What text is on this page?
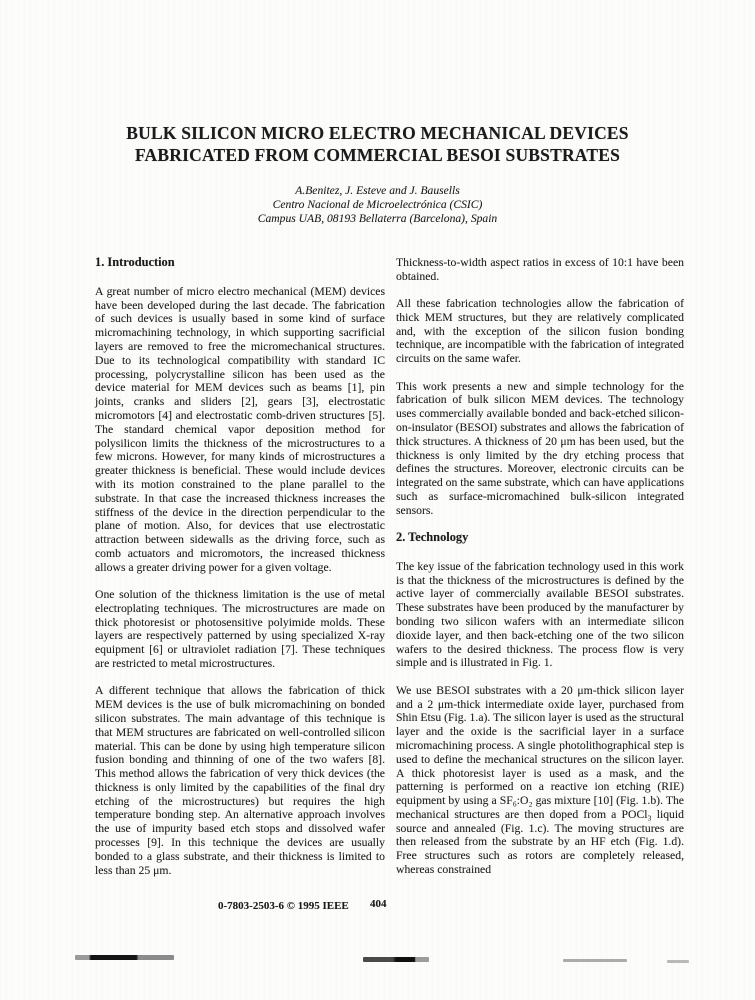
BULK SILICON MICRO ELECTRO MECHANICAL DEVICES
FABRICATED FROM COMMERCIAL BESOI SUBSTRATES
A.Benitez, J. Esteve and J. Bausells
Centro Nacional de Microelectrónica (CSIC)
Campus UAB, 08193 Bellaterra (Barcelona), Spain
1. Introduction

A great number of micro electro mechanical (MEM) devices have been developed during the last decade. The fabrication of such devices is usually based in some kind of surface micromachining technology, in which supporting sacrificial layers are removed to free the micromechanical structures. Due to its technological compatibility with standard IC processing, polycrystalline silicon has been used as the device material for MEM devices such as beams [1], pin joints, cranks and sliders [2], gears [3], electrostatic micromotors [4] and electrostatic comb-driven structures [5]. The standard chemical vapor deposition method for polysilicon limits the thickness of the microstructures to a few microns. However, for many kinds of microstructures a greater thickness is beneficial. These would include devices with its motion constrained to the plane parallel to the substrate. In that case the increased thickness increases the stiffness of the device in the direction perpendicular to the plane of motion. Also, for devices that use electrostatic attraction between sidewalls as the driving force, such as comb actuators and micromotors, the increased thickness allows a greater driving power for a given voltage.

One solution of the thickness limitation is the use of metal electroplating techniques. The microstructures are made on thick photoresist or photosensitive polyimide molds. These layers are respectively patterned by using specialized X-ray equipment [6] or ultraviolet radiation [7]. These techniques are restricted to metal microstructures.

A different technique that allows the fabrication of thick MEM devices is the use of bulk micromachining on bonded silicon substrates. The main advantage of this technique is that MEM structures are fabricated on well-controlled silicon material. This can be done by using high temperature silicon fusion bonding and thinning of one of the two wafers [8]. This method allows the fabrication of very thick devices (the thickness is only limited by the capabilities of the final dry etching of the microstructures) but requires the high temperature bonding step. An alternative approach involves the use of impurity based etch stops and dissolved wafer processes [9]. In this technique the devices are usually bonded to a glass substrate, and their thickness is limited to less than 25 μm.

Thickness-to-width aspect ratios in excess of 10:1 have been obtained.

All these fabrication technologies allow the fabrication of thick MEM structures, but they are relatively complicated and, with the exception of the silicon fusion bonding technique, are incompatible with the fabrication of integrated circuits on the same wafer.

This work presents a new and simple technology for the fabrication of bulk silicon MEM devices. The technology uses commercially available bonded and back-etched silicon-on-insulator (BESOI) substrates and allows the fabrication of thick structures. A thickness of 20 μm has been used, but the thickness is only limited by the dry etching process that defines the structures. Moreover, electronic circuits can be integrated on the same substrate, which can have applications such as surface-micromachined bulk-silicon integrated sensors.

2. Technology

The key issue of the fabrication technology used in this work is that the thickness of the microstructures is defined by the active layer of commercially available BESOI substrates. These substrates have been produced by the manufacturer by bonding two silicon wafers with an intermediate silicon dioxide layer, and then back-etching one of the two silicon wafers to the desired thickness. The process flow is very simple and is illustrated in Fig. 1.

We use BESOI substrates with a 20 μm-thick silicon layer and a 2 μm-thick intermediate oxide layer, purchased from Shin Etsu (Fig. 1.a). The silicon layer is used as the structural layer and the oxide is the sacrificial layer in a surface micromachining process. A single photolithographical step is used to define the mechanical structures on the silicon layer. A thick photoresist layer is used as a mask, and the patterning is performed on a reactive ion etching (RIE) equipment by using a SF₆:O₂ gas mixture [10] (Fig. 1.b). The mechanical structures are then doped from a POCl₃ liquid source and annealed (Fig. 1.c). The moving structures are then released from the substrate by an HF etch (Fig. 1.d). Free structures such as rotors are completely released, whereas constrained

0-7803-2503-6 © 1995 IEEE 404
